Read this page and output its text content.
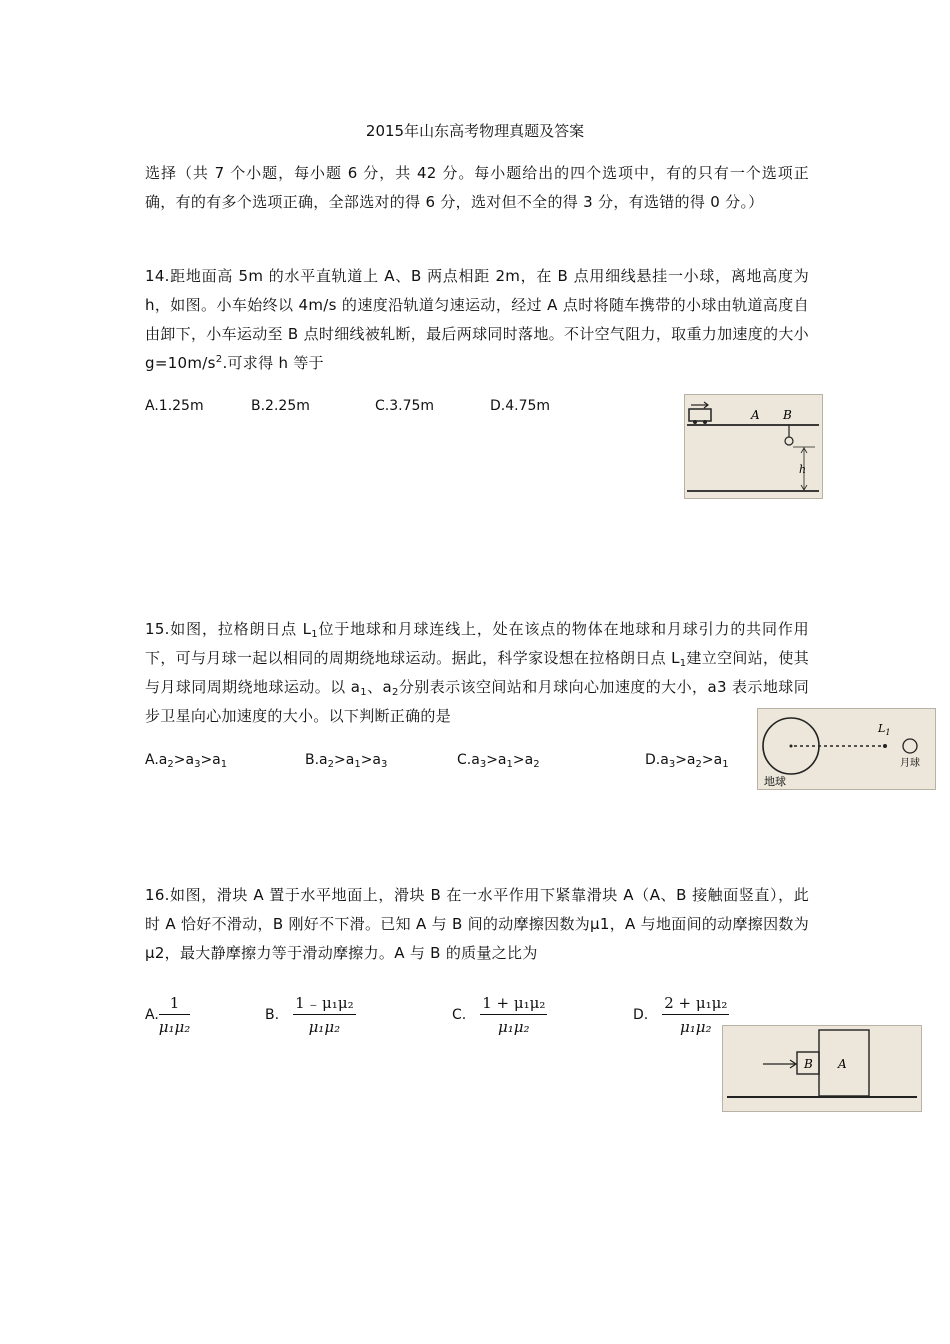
2015年山东高考物理真题及答案
选择（共 7 个小题，每小题 6 分，共 42 分。每小题给出的四个选项中，有的只有一个选项正确，有的有多个选项正确，全部选对的得 6 分，选对但不全的得 3 分，有选错的得 0 分。）
14.距地面高 5m 的水平直轨道上 A、B 两点相距 2m，在 B 点用细线悬挂一小球，离地高度为 h，如图。小车始终以 4m/s 的速度沿轨道匀速运动，经过 A 点时将随车携带的小球由轨道高度自由卸下，小车运动至 B 点时细线被轧断，最后两球同时落地。不计空气阻力，取重力加速度的大小 $g=10m/s^2$.可求得 h 等于
A.1.25m	B.2.25m	C.3.75m	D.4.75m
A B
h
15.如图，拉格朗日点 $L_1$位于地球和月球连线上，处在该点的物体在地球和月球引力的共同作用下，可与月球一起以相同的周期绕地球运动。据此，科学家设想在拉格朗日点 $L_1$建立空间站，使其与月球同周期绕地球运动。以 $a_1$、$a_2$分别表示该空间站和月球向心加速度的大小，a3 表示地球同步卫星向心加速度的大小。以下判断正确的是
$A.a_2>a_3>a_1$	$B.a_2>a_1>a_3$	$C.a_3>a_1>a_2$	$D.a_3>a_2>a_1$
$L_1$
地球
月球
16.如图，滑块 A 置于水平地面上，滑块 B 在一水平作用下紧靠滑块 A（A、B 接触面竖直），此时 A 恰好不滑动，B 刚好不下滑。已知 A 与 B 间的动摩擦因数为μ1，A 与地面间的动摩擦因数为μ2，最大静摩擦力等于滑动摩擦力。A 与 B 的质量之比为
A. $\frac{1}{\text{μ₁μ₂}}$	B. $\frac{\text{1 ₋ μ₁μ₂}}{\text{μ₁μ₂}}$	C. $\frac{\text{1 + μ₁μ₂}}{\text{μ₁μ₂}}$	D. $\frac{\text{2 + μ₁μ₂}}{\text{μ₁μ₂}}$
B A
